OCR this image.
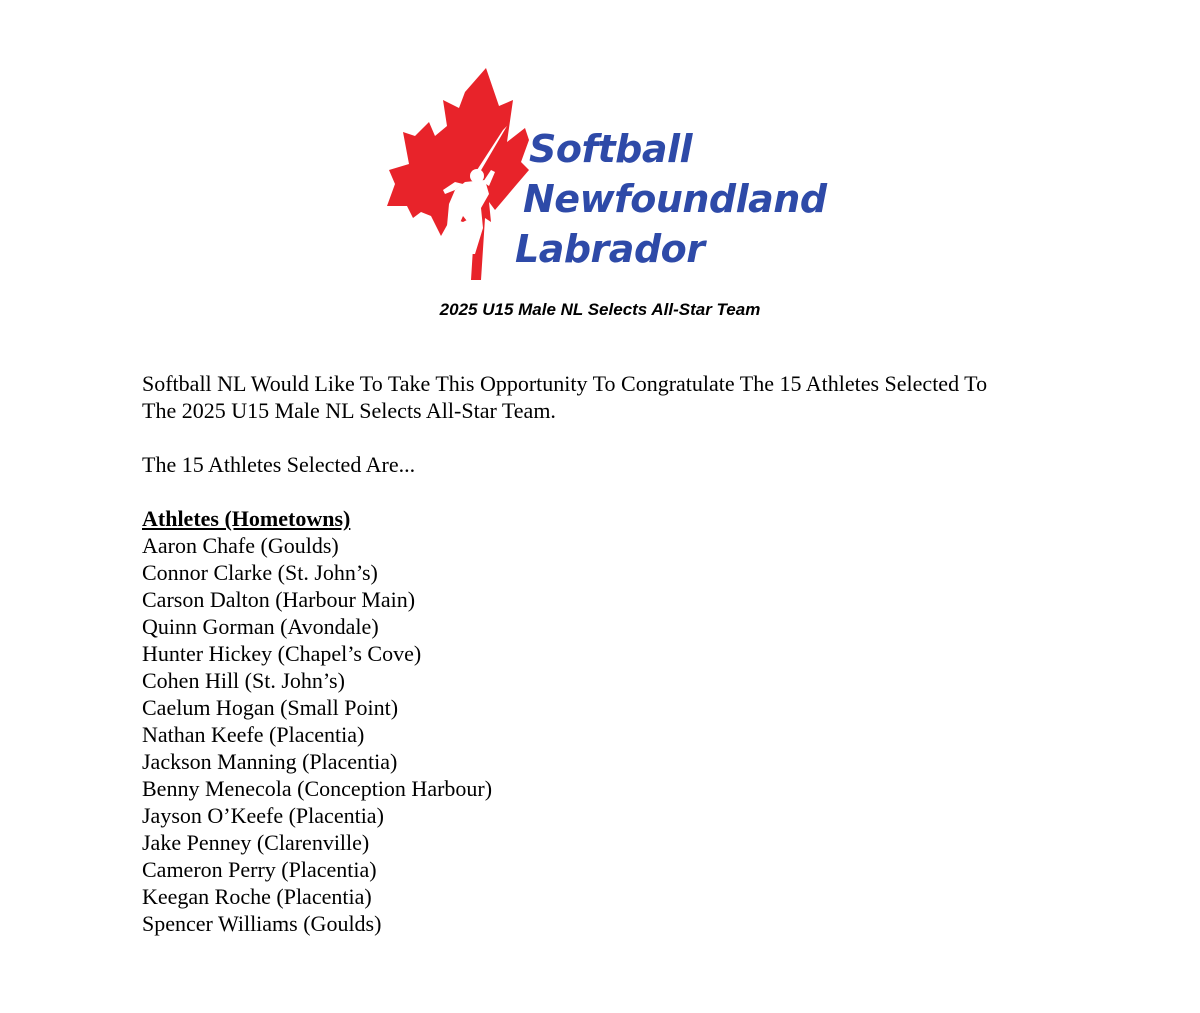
Softball
Newfoundland
Labrador
2025 U15 Male NL Selects All-Star Team

Softball NL Would Like To Take This Opportunity To Congratulate The 15 Athletes Selected To

The 2025 U15 Male NL Selects All-Star Team.

The 15 Athletes Selected Are...

Athletes (Hometowns)

Aaron Chafe (Goulds)
Connor Clarke (St. John’s)
Carson Dalton (Harbour Main)
Quinn Gorman (Avondale)
Hunter Hickey (Chapel’s Cove)
Cohen Hill (St. John’s)
Caelum Hogan (Small Point)
Nathan Keefe (Placentia)
Jackson Manning (Placentia)
Benny Menecola (Conception Harbour)
Jayson O’Keefe (Placentia)
Jake Penney (Clarenville)
Cameron Perry (Placentia)
Keegan Roche (Placentia)
Spencer Williams (Goulds)
